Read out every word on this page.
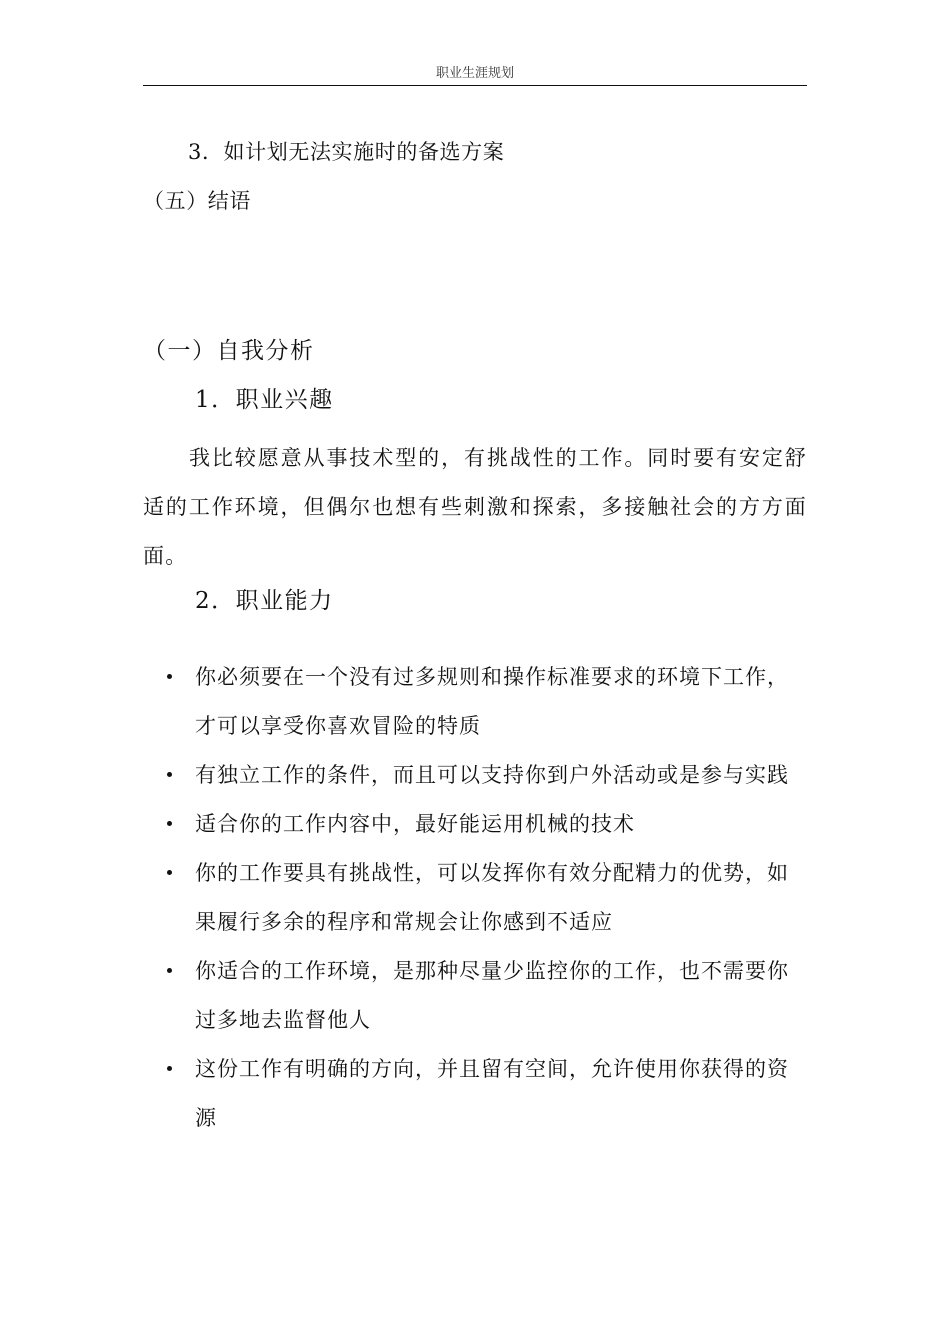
职业生涯规划
3．如计划无法实施时的备选方案
（五）结语
（一）自我分析
1．职业兴趣
我比较愿意从事技术型的，有挑战性的工作。同时要有安定舒适的工作环境，但偶尔也想有些刺激和探索，多接触社会的方方面面。
2．职业能力
你必须要在一个没有过多规则和操作标准要求的环境下工作，才可以享受你喜欢冒险的特质
有独立工作的条件，而且可以支持你到户外活动或是参与实践
适合你的工作内容中，最好能运用机械的技术
你的工作要具有挑战性，可以发挥你有效分配精力的优势，如果履行多余的程序和常规会让你感到不适应
你适合的工作环境，是那种尽量少监控你的工作，也不需要你过多地去监督他人
这份工作有明确的方向，并且留有空间，允许使用你获得的资源
